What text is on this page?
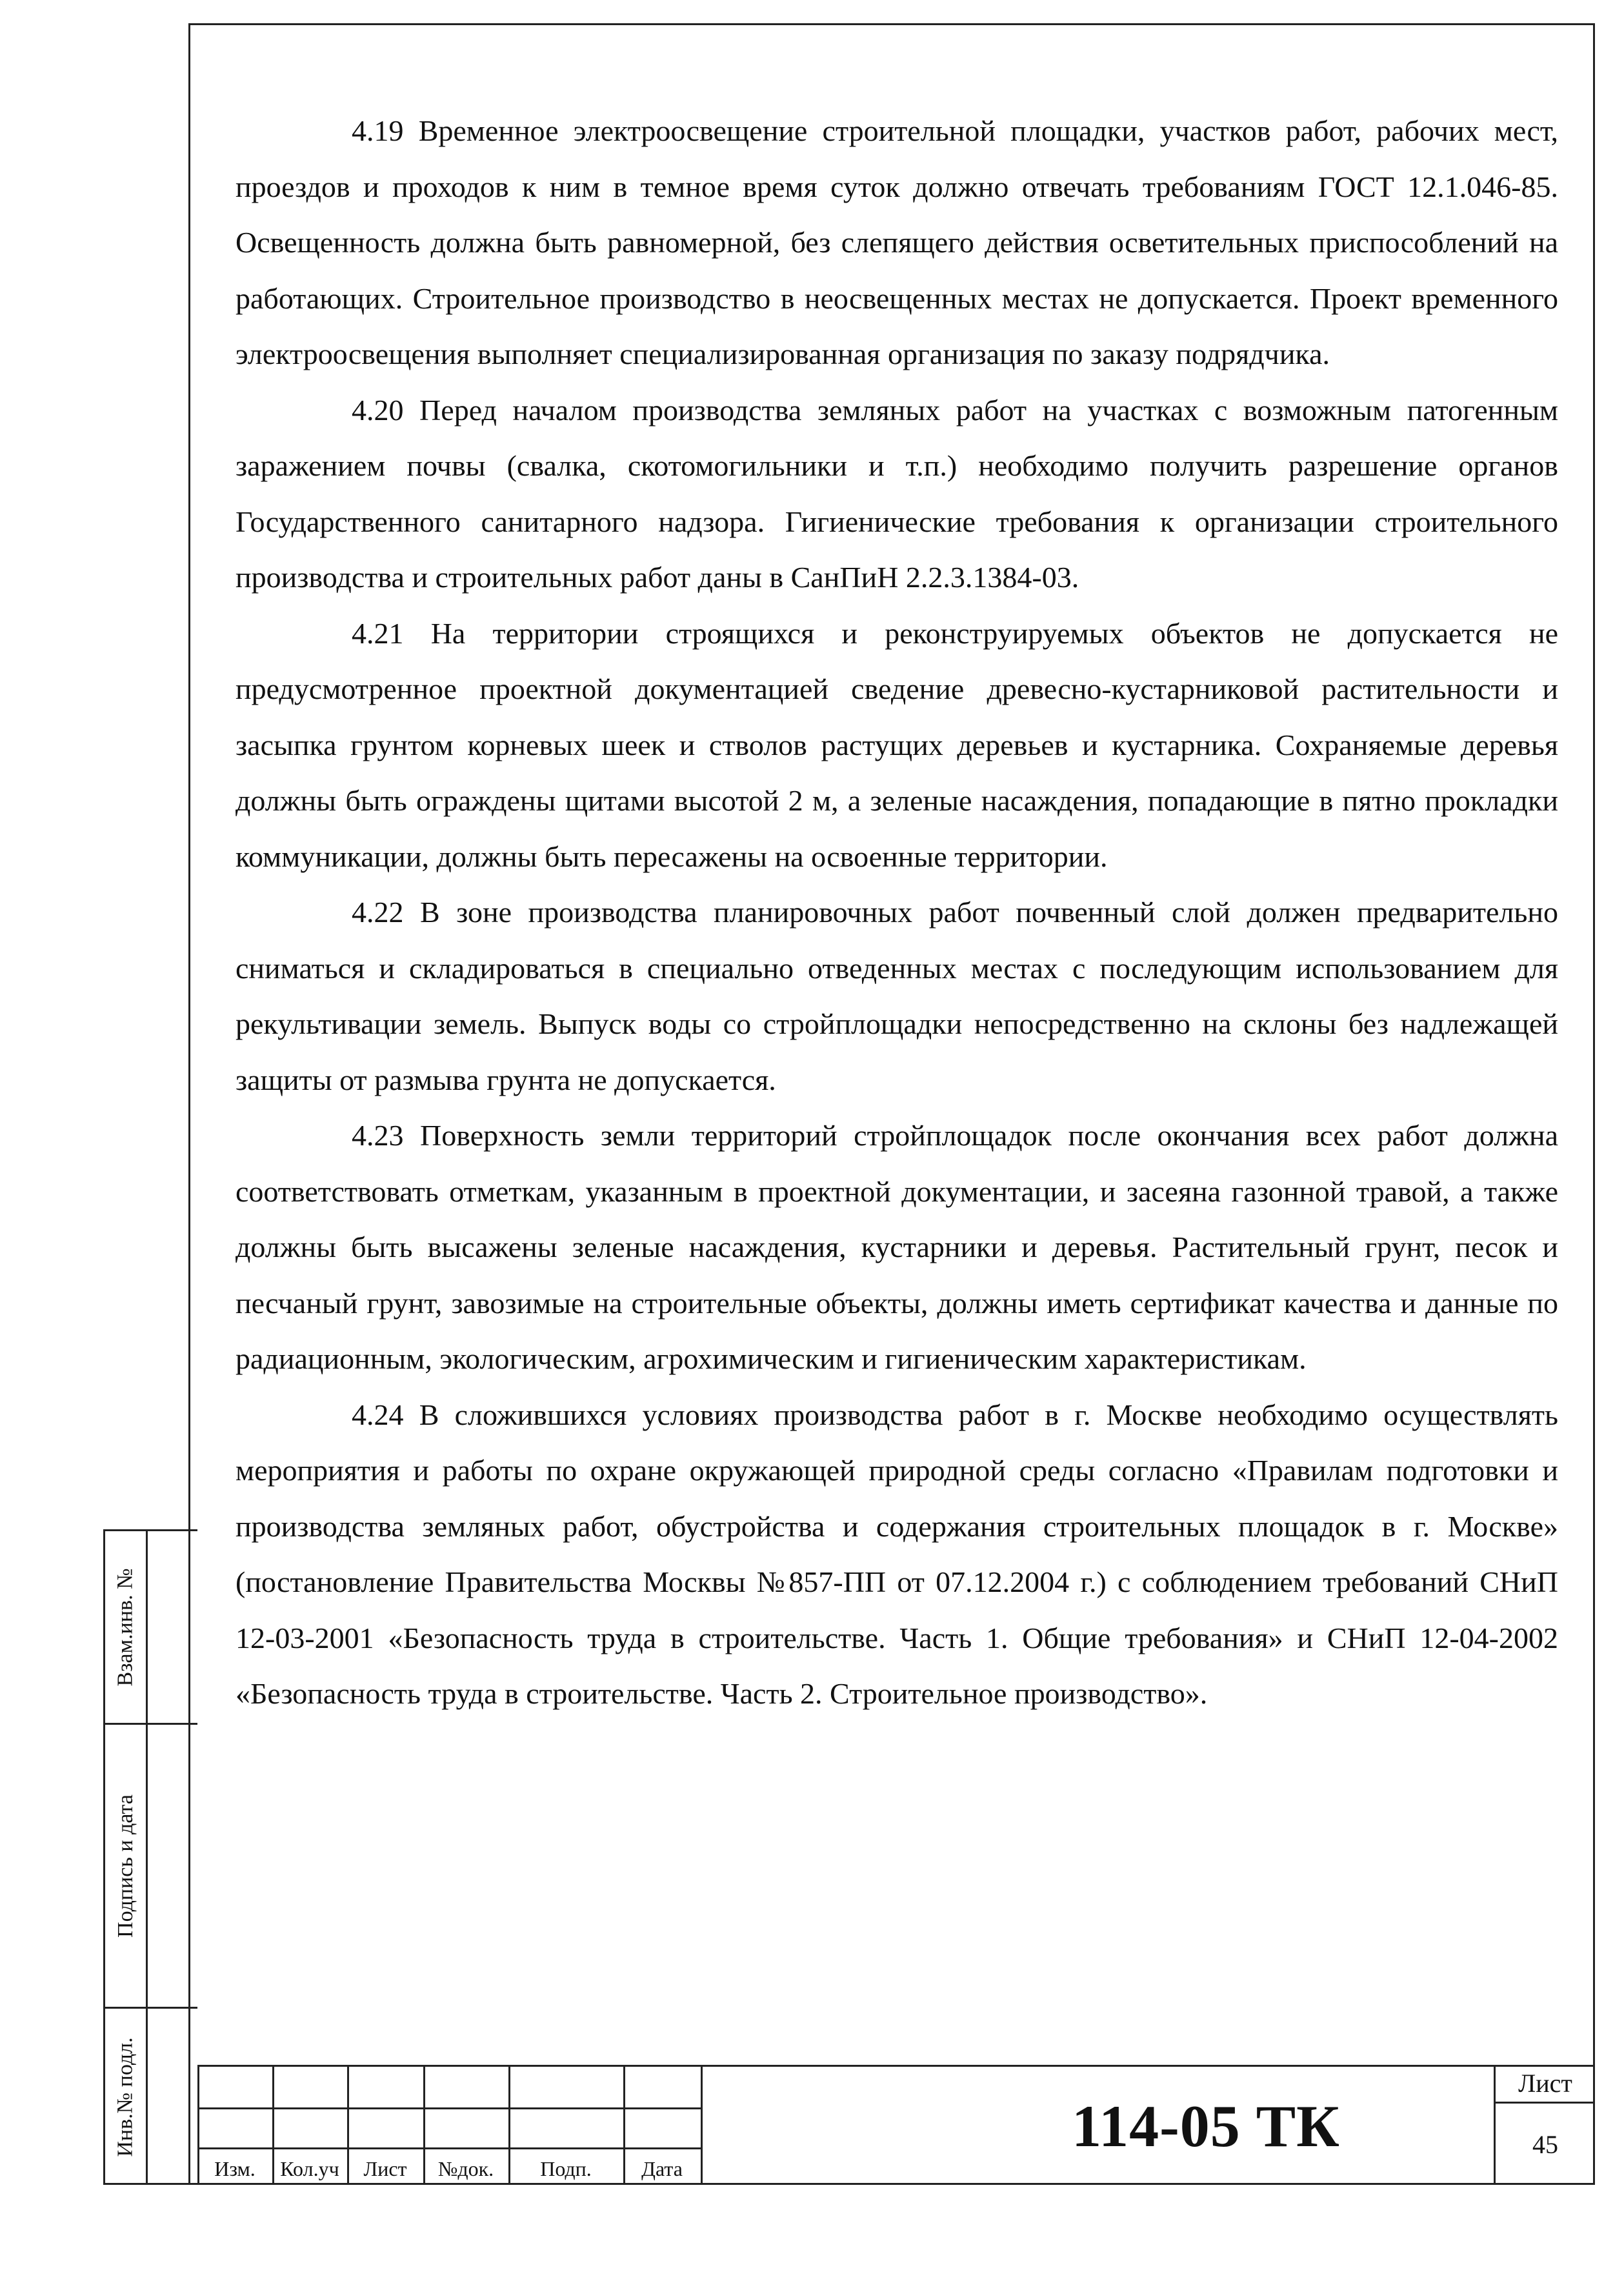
4.19 Временное электроосвещение строительной площадки, участков работ, рабочих мест, проездов и проходов к ним в темное время суток должно отвечать требованиям ГОСТ 12.1.046-85. Освещенность должна быть равномерной, без слепящего действия осветительных приспособлений на работающих. Строительное производство в неосвещенных местах не допускается. Проект временного электроосвещения выполняет специализированная организация по заказу подрядчика.

4.20 Перед началом производства земляных работ на участках с возможным патогенным заражением почвы (свалка, скотомогильники и т.п.) необходимо получить разрешение органов Государственного санитарного надзора. Гигиенические требования к организации строительного производства и строительных работ даны в СанПиН 2.2.3.1384-03.

4.21 На территории строящихся и реконструируемых объектов не допускается не предусмотренное проектной документацией сведение древесно-кустарниковой растительности и засыпка грунтом корневых шеек и стволов растущих деревьев и кустарника. Сохраняемые деревья должны быть ограждены щитами высотой 2 м, а зеленые насаждения, попадающие в пятно прокладки коммуникации, должны быть пересажены на освоенные территории.

4.22 В зоне производства планировочных работ почвенный слой должен предварительно сниматься и складироваться в специально отведенных местах с последующим использованием для рекультивации земель. Выпуск воды со стройплощадки непосредственно на склоны без надлежащей защиты от размыва грунта не допускается.

4.23 Поверхность земли территорий стройплощадок после окончания всех работ должна соответствовать отметкам, указанным в проектной документации, и засеяна газонной травой, а также должны быть высажены зеленые насаждения, кустарники и деревья. Растительный грунт, песок и песчаный грунт, завозимые на строительные объекты, должны иметь сертификат качества и данные по радиационным, экологическим, агрохимическим и гигиеническим характеристикам.

4.24 В сложившихся условиях производства работ в г. Москве необходимо осуществлять мероприятия и работы по охране окружающей природной среды согласно «Правилам подготовки и производства земляных работ, обустройства и содержания строительных площадок в г. Москве» (постановление Правительства Москвы №857-ПП от 07.12.2004 г.) с соблюдением требований СНиП 12-03-2001 «Безопасность труда в строительстве. Часть 1. Общие требования» и СНиП 12-04-2002 «Безопасность труда в строительстве. Часть 2. Строительное производство».

Взам.инв. №
Подпись и дата
Инв.№ подл.
Изм.	Кол.уч	Лист	№док.	Подп.	Дата
114-05 ТК
Лист
45
